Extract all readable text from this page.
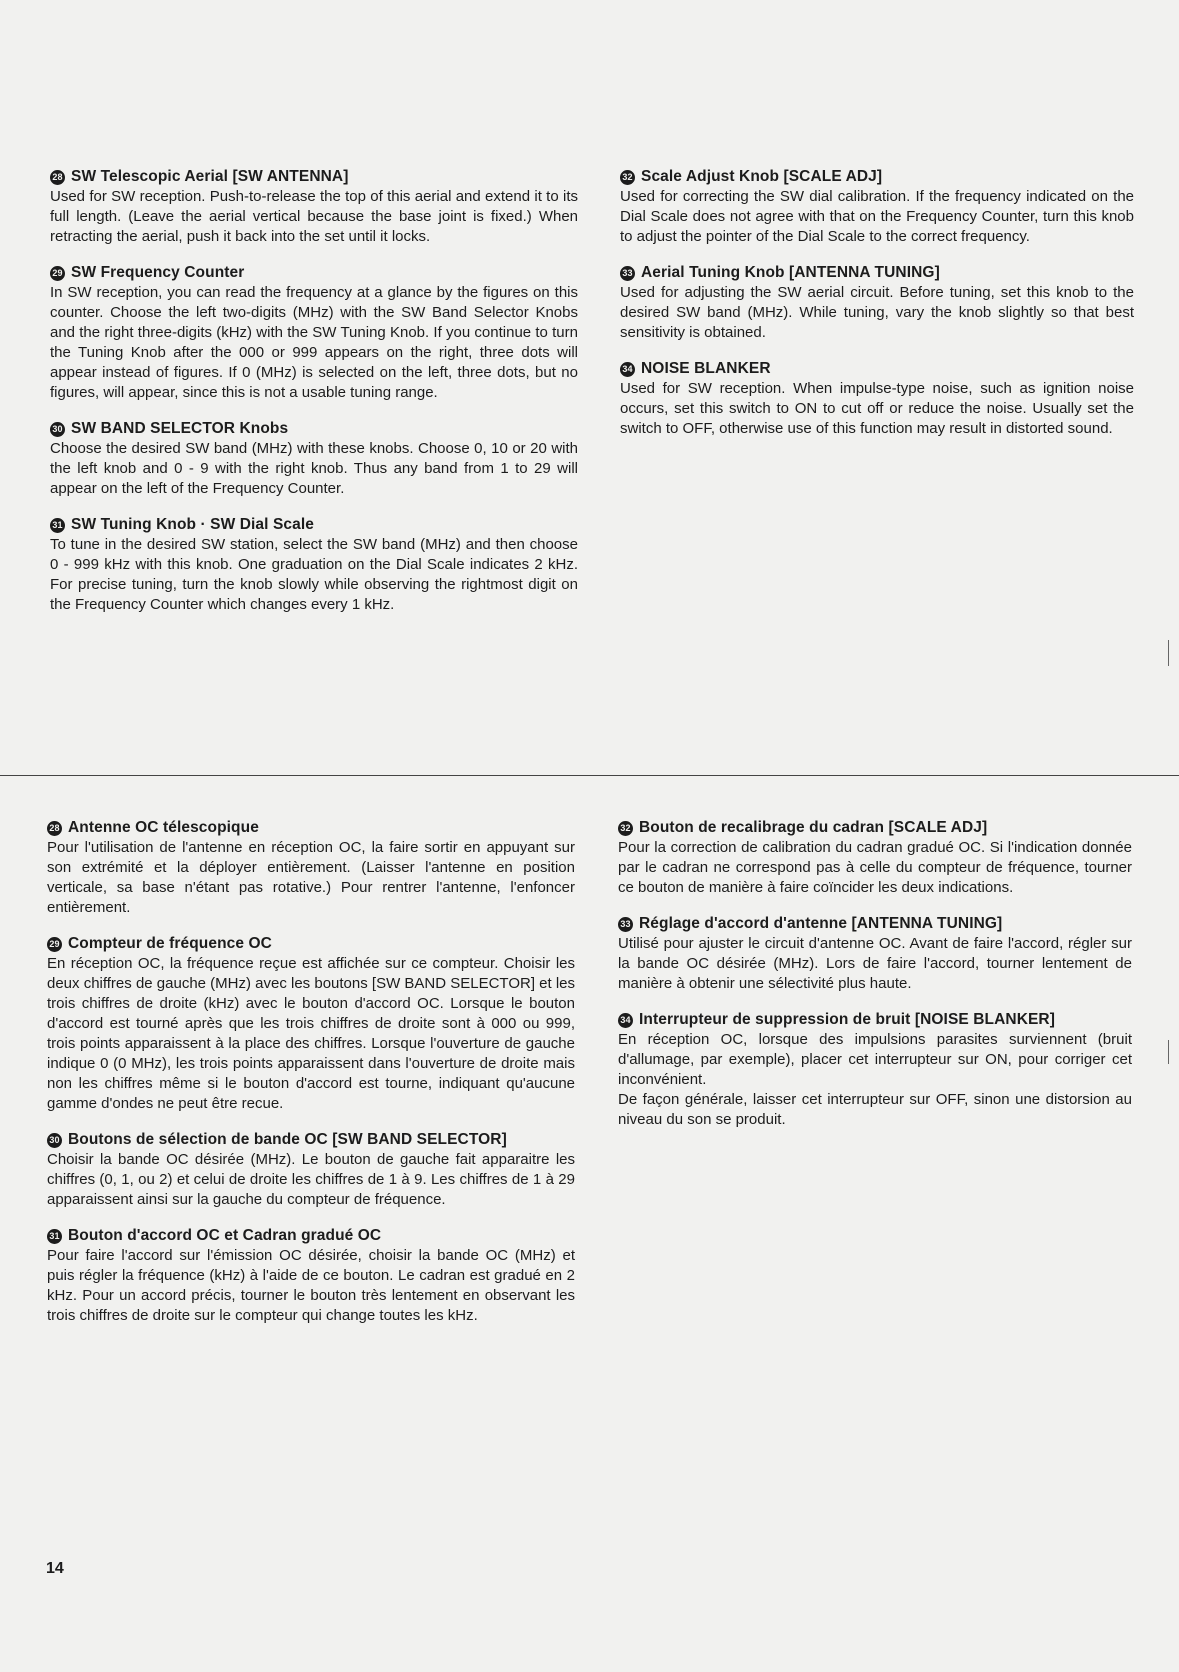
28 SW Telescopic Aerial [SW ANTENNA]

Used for SW reception. Push-to-release the top of this aerial and extend it to its full length. (Leave the aerial vertical because the base joint is fixed.) When retracting the aerial, push it back into the set until it locks.

29 SW Frequency Counter

In SW reception, you can read the frequency at a glance by the figures on this counter. Choose the left two-digits (MHz) with the SW Band Selector Knobs and the right three-digits (kHz) with the SW Tuning Knob. If you continue to turn the Tuning Knob after the 000 or 999 appears on the right, three dots will appear instead of figures. If 0 (MHz) is selected on the left, three dots, but no figures, will appear, since this is not a usable tuning range.

30 SW BAND SELECTOR Knobs

Choose the desired SW band (MHz) with these knobs. Choose 0, 10 or 20 with the left knob and 0 - 9 with the right knob. Thus any band from 1 to 29 will appear on the left of the Frequency Counter.

31 SW Tuning Knob · SW Dial Scale

To tune in the desired SW station, select the SW band (MHz) and then choose 0 - 999 kHz with this knob. One graduation on the Dial Scale indicates 2 kHz. For precise tuning, turn the knob slowly while observing the rightmost digit on the Frequency Counter which changes every 1 kHz.

32 Scale Adjust Knob [SCALE ADJ]

Used for correcting the SW dial calibration. If the frequency indicated on the Dial Scale does not agree with that on the Frequency Counter, turn this knob to adjust the pointer of the Dial Scale to the correct frequency.

33 Aerial Tuning Knob [ANTENNA TUNING]

Used for adjusting the SW aerial circuit. Before tuning, set this knob to the desired SW band (MHz). While tuning, vary the knob slightly so that best sensitivity is obtained.

34 NOISE BLANKER

Used for SW reception. When impulse-type noise, such as ignition noise occurs, set this switch to ON to cut off or reduce the noise. Usually set the switch to OFF, otherwise use of this function may result in distorted sound.

28 Antenne OC télescopique

Pour l'utilisation de l'antenne en réception OC, la faire sortir en appuyant sur son extrémité et la déployer entièrement. (Laisser l'antenne en position verticale, sa base n'étant pas rotative.) Pour rentrer l'antenne, l'enfoncer entièrement.

29 Compteur de fréquence OC

En réception OC, la fréquence reçue est affichée sur ce compteur. Choisir les deux chiffres de gauche (MHz) avec les boutons [SW BAND SELECTOR] et les trois chiffres de droite (kHz) avec le bouton d'accord OC. Lorsque le bouton d'accord est tourné après que les trois chiffres de droite sont à 000 ou 999, trois points apparaissent à la place des chiffres. Lorsque l'ouverture de gauche indique 0 (0 MHz), les trois points apparaissent dans l'ouverture de droite mais non les chiffres même si le bouton d'accord est tourne, indiquant qu'aucune gamme d'ondes ne peut être recue.

30 Boutons de sélection de bande OC [SW BAND SELECTOR]

Choisir la bande OC désirée (MHz). Le bouton de gauche fait apparaitre les chiffres (0, 1, ou 2) et celui de droite les chiffres de 1 à 9. Les chiffres de 1 à 29 apparaissent ainsi sur la gauche du compteur de fréquence.

31 Bouton d'accord OC et Cadran gradué OC

Pour faire l'accord sur l'émission OC désirée, choisir la bande OC (MHz) et puis régler la fréquence (kHz) à l'aide de ce bouton. Le cadran est gradué en 2 kHz. Pour un accord précis, tourner le bouton très lentement en observant les trois chiffres de droite sur le compteur qui change toutes les kHz.

32 Bouton de recalibrage du cadran [SCALE ADJ]

Pour la correction de calibration du cadran gradué OC. Si l'indication donnée par le cadran ne correspond pas à celle du compteur de fréquence, tourner ce bouton de manière à faire coïncider les deux indications.

33 Réglage d'accord d'antenne [ANTENNA TUNING]

Utilisé pour ajuster le circuit d'antenne OC. Avant de faire l'accord, régler sur la bande OC désirée (MHz). Lors de faire l'accord, tourner lentement de manière à obtenir une sélectivité plus haute.

34 Interrupteur de suppression de bruit [NOISE BLANKER]

En réception OC, lorsque des impulsions parasites surviennent (bruit d'allumage, par exemple), placer cet interrupteur sur ON, pour corriger cet inconvénient.
De façon générale, laisser cet interrupteur sur OFF, sinon une distorsion au niveau du son se produit.

14
